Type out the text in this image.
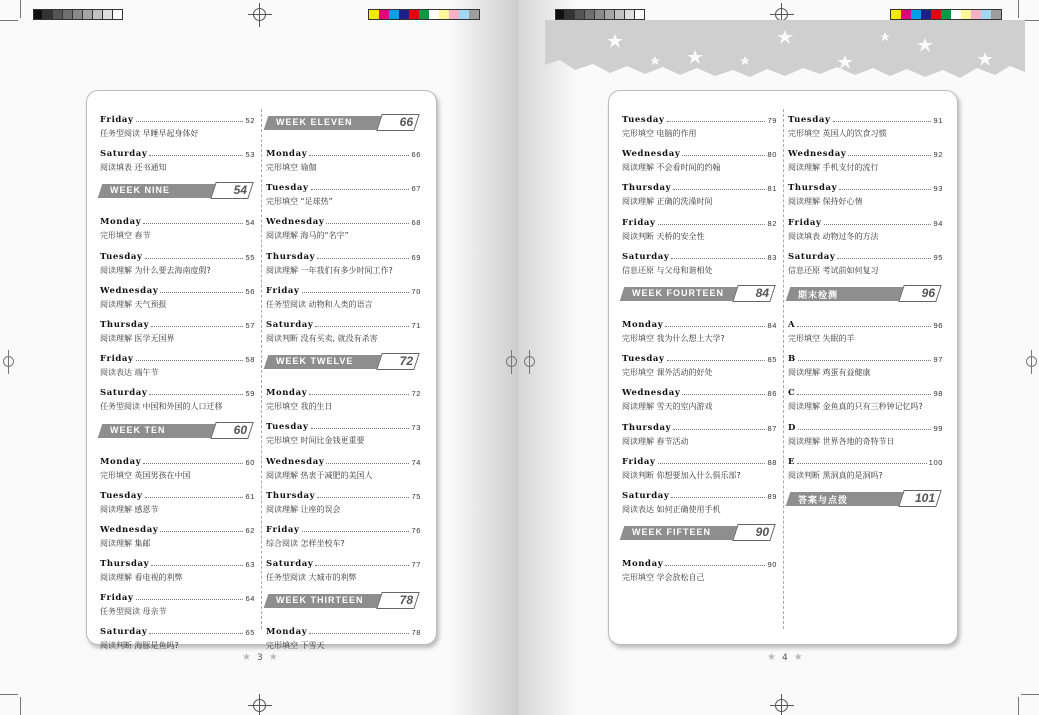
Friday	52
任务型阅读 早睡早起身体好
Saturday	53
阅读填表 还书通知
WEEK NINE	54
Monday	54
完形填空 春节
Tuesday	55
阅读理解 为什么要去海南度假?
Wednesday	56
阅读理解 天气预报
Thursday	57
阅读理解 医学无国界
Friday	58
阅读表达 端午节
Saturday	59
任务型阅读 中国和外国的人口迁移
WEEK TEN	60
Monday	60
完形填空 英国男孩在中国
Tuesday	61
阅读理解 感恩节
Wednesday	62
阅读理解 集邮
Thursday	63
阅读理解 看电视的利弊
Friday	64
任务型阅读 母亲节
Saturday	65
阅读判断 海豚是鱼吗?
WEEK ELEVEN	66
Monday	66
完形填空 瑜伽
Tuesday	67
完形填空 “足球热”
Wednesday	68
阅读理解 海马的“名字”
Thursday	69
阅读理解 一年我们有多少时间工作?
Friday	70
任务型阅读 动物和人类的语言
Saturday	71
阅读判断 没有买卖, 就没有杀害
WEEK TWELVE	72
Monday	72
完形填空 我的生日
Tuesday	73
完形填空 时间比金钱更重要
Wednesday	74
阅读理解 热衷于减肥的美国人
Thursday	75
阅读理解 让座的误会
Friday	76
综合阅读 怎样坐校车?
Saturday	77
任务型阅读 大城市的利弊
WEEK THIRTEEN	78
Monday	78
完形填空 下雪天
Tuesday	79
完形填空 电脑的作用
Wednesday	80
阅读理解 不会看时间的约翰
Thursday	81
阅读理解 正确的洗澡时间
Friday	82
阅读判断 天桥的安全性
Saturday	83
信息还原 与父母和谐相处
WEEK FOURTEEN	84
Monday	84
完形填空 我为什么想上大学?
Tuesday	85
完形填空 课外活动的好处
Wednesday	86
阅读理解 雪天的室内游戏
Thursday	87
阅读理解 春节活动
Friday	88
阅读判断 你想要加入什么俱乐部?
Saturday	89
阅读表达 如何正确使用手机
WEEK FIFTEEN	90
Monday	90
完形填空 学会放松自己
Tuesday	91
完形填空 英国人的饮食习惯
Wednesday	92
阅读理解 手机支付的流行
Thursday	93
阅读理解 保持好心情
Friday	94
阅读填表 动物过冬的方法
Saturday	95
信息还原 考试前如何复习
期末检测	96
A	96
完形填空 失眠的羊
B	97
阅读理解 鸡蛋有益健康
C	98
阅读理解 金鱼真的只有三秒钟记忆吗?
D	99
阅读理解 世界各地的奇特节日
E	100
阅读判断 黑洞真的是洞吗?
答案与点拨	101
★ 3 ★	★ 4 ★
